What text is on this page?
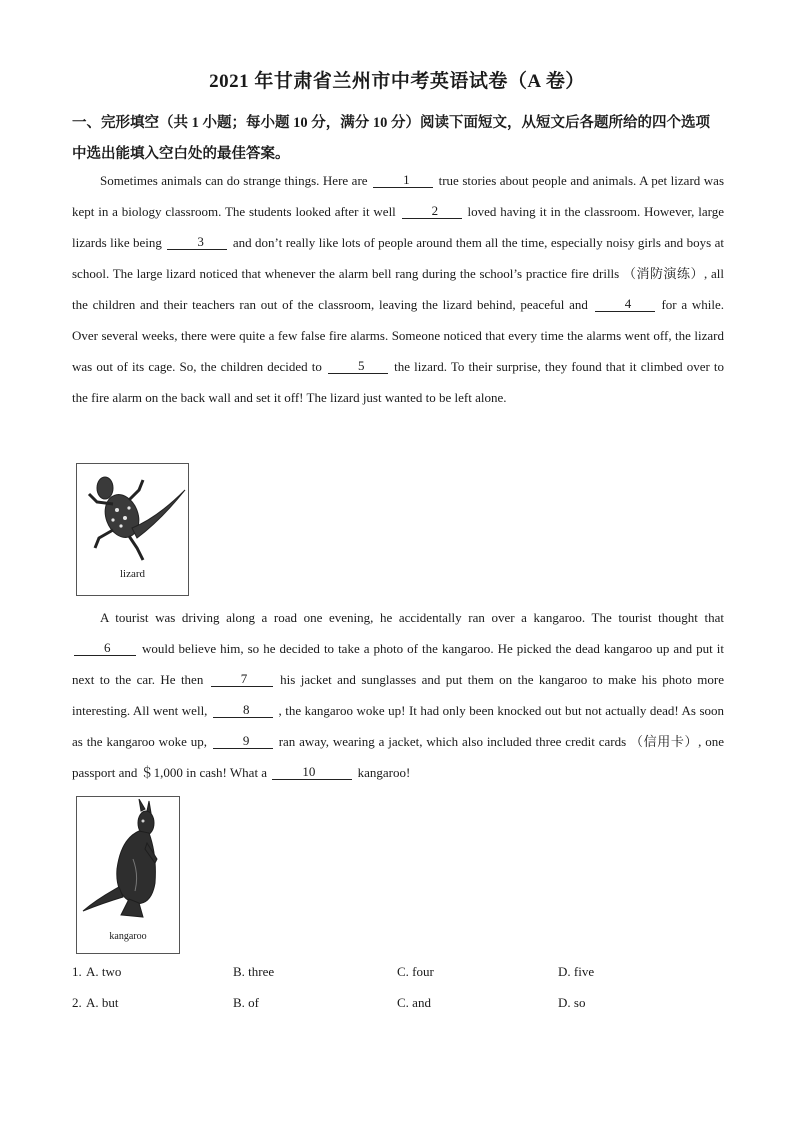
2021 年甘肃省兰州市中考英语试卷（A 卷）
一、完形填空（共 1 小题；每小题 10 分，满分 10 分）阅读下面短文，从短文后各题所给的四个选项中选出能填入空白处的最佳答案。
Sometimes animals can do strange things. Here are	1 true stories about people and animals. A pet lizard was kept in a biology classroom. The students looked after it well	2 loved having it in the classroom. However, large lizards like being	3 and don’t really like lots of people around them all the time, especially noisy girls and boys at school. The large lizard noticed that whenever the alarm bell rang during the school’s practice fire drills （消防演练）, all the children and their teachers ran out of the classroom, leaving the lizard behind, peaceful and	4 for a while. Over several weeks, there were quite a few false fire alarms. Someone noticed that every time the alarms went off, the lizard was out of its cage. So, the children decided to	5 the lizard. To their surprise, they found that it climbed over to the fire alarm on the back wall and set it off! The lizard just wanted to be left alone.
lizard
A tourist was driving along a road one evening, he accidentally ran over a kangaroo. The tourist thought that 6 would believe him, so he decided to take a photo of the kangaroo. He picked the dead kangaroo up and put it next to the car. He then	7	his jacket and sunglasses and put them on the kangaroo to make his photo more interesting. All went well,	8 , the kangaroo woke up! It had only been knocked out but not actually dead! As soon as the kangaroo woke up,	9 ran away, wearing a jacket, which also included three credit cards （信用卡）, one passport and ＄1,000 in cash! What a	10	kangaroo!
kangaroo
1. A. two	B. three	C. four	D. five
2. A. but	B. of	C. and	D. so
